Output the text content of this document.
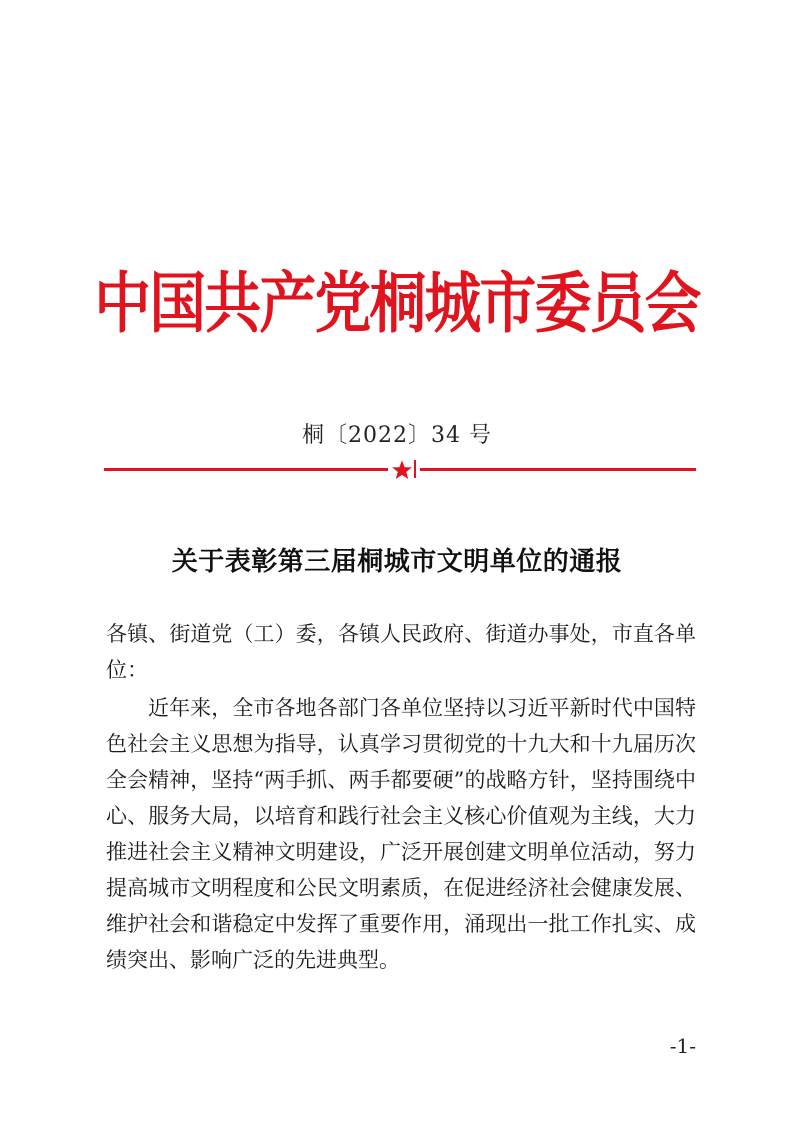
中国共产党桐城市委员会
桐〔2022〕34 号
关于表彰第三届桐城市文明单位的通报

各镇、街道党（工）委，各镇人民政府、街道办事处，市直各单位：

近年来，全市各地各部门各单位坚持以习近平新时代中国特色社会主义思想为指导，认真学习贯彻党的十九大和十九届历次全会精神，坚持“两手抓、两手都要硬”的战略方针，坚持围绕中心、服务大局，以培育和践行社会主义核心价值观为主线，大力推进社会主义精神文明建设，广泛开展创建文明单位活动，努力提高城市文明程度和公民文明素质，在促进经济社会健康发展、维护社会和谐稳定中发挥了重要作用，涌现出一批工作扎实、成绩突出、影响广泛的先进典型。

-1-
